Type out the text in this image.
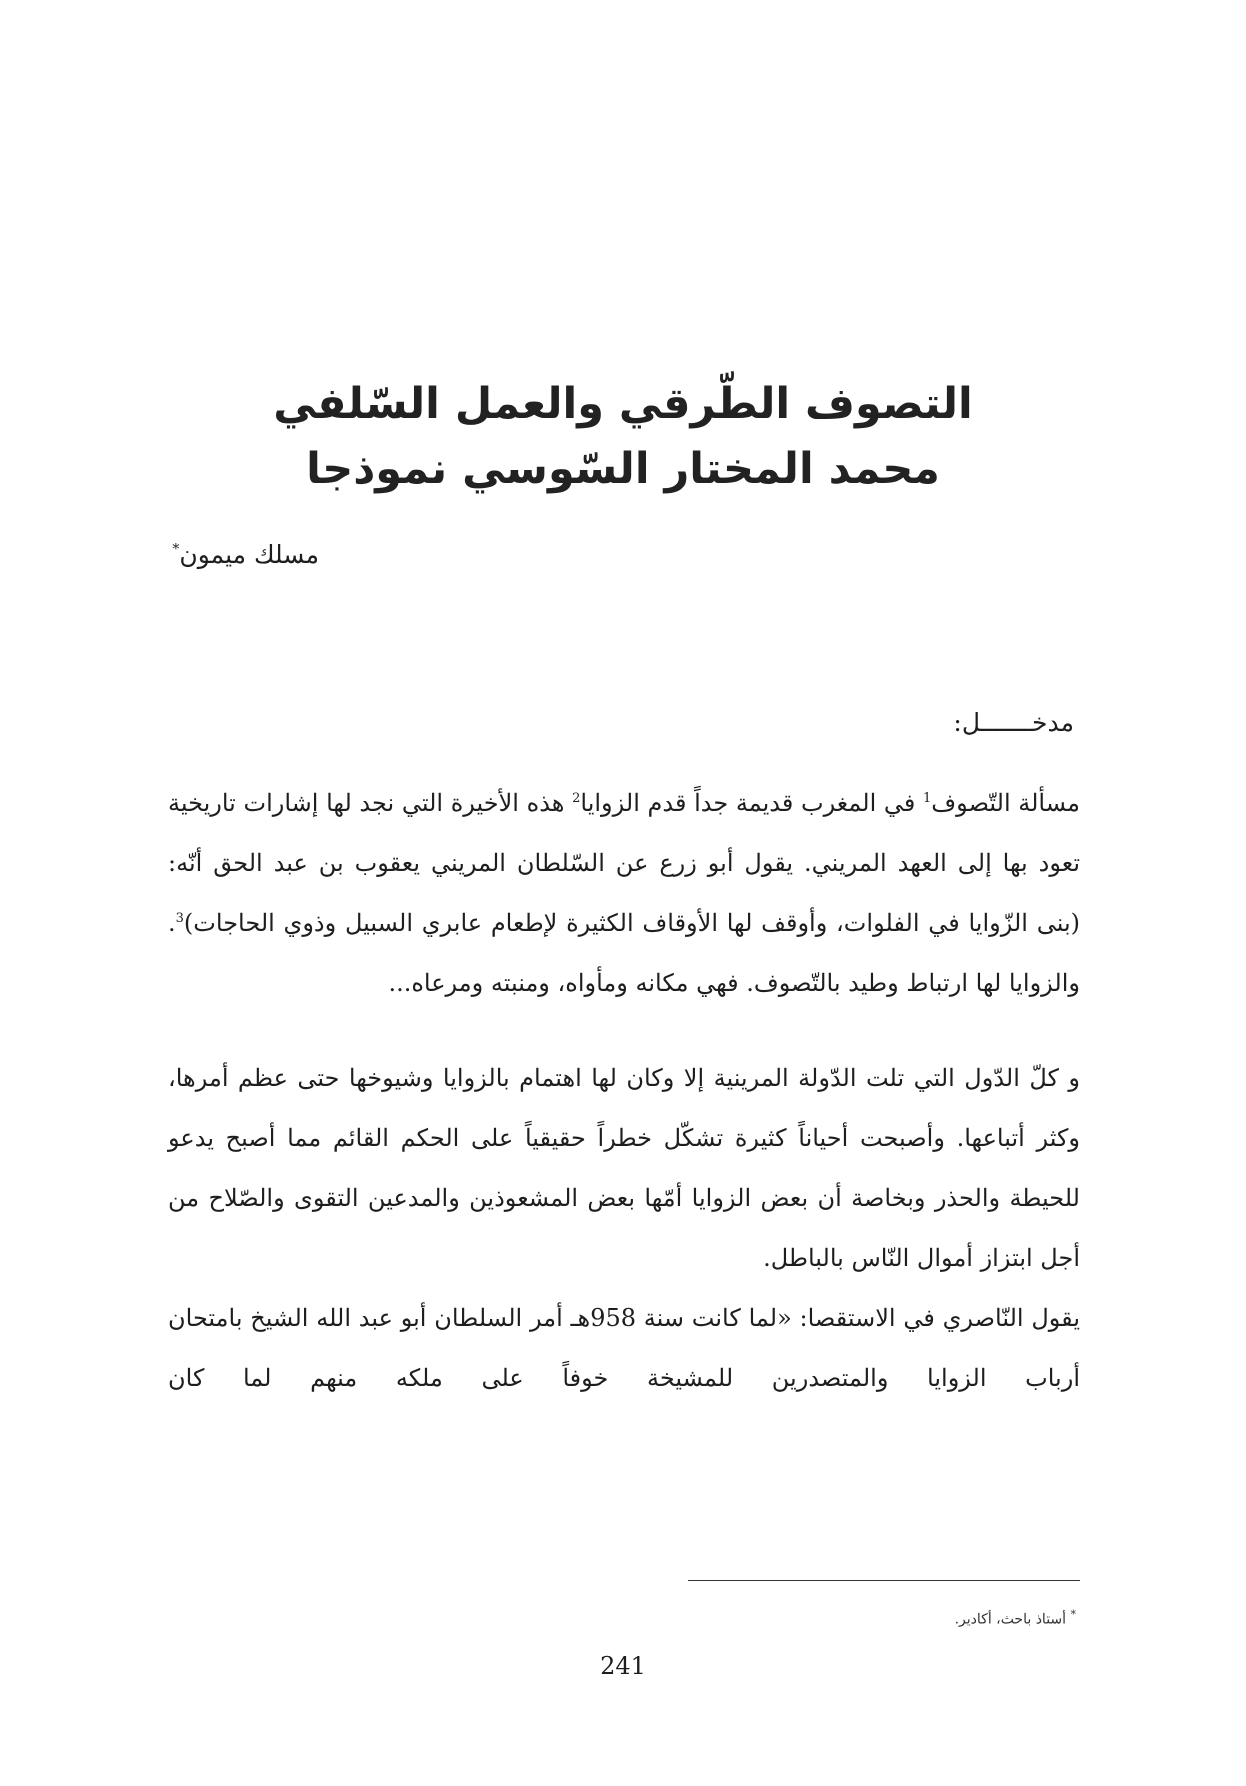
التصوف الطّرقي والعمل السّلفي
محمد المختار السّوسي نموذجا
مسلك ميمون*
مدخـــــــل:

مسألة التّصوف$^1$ في المغرب قديمة جداً قدم الزوايا$^2$ هذه الأخيرة التي نجد لها إشارات تاريخية تعود بها إلى العهد المريني. يقول أبو زرع عن السّلطان المريني يعقوب بن عبد الحق أنّه: (بنى الزّوايا في الفلوات، وأوقف لها الأوقاف الكثيرة لإطعام عابري السبيل وذوي الحاجات)$^3$. والزوايا لها ارتباط وطيد بالتّصوف. فهي مكانه ومأواه، ومنبته ومرعاه...

و كلّ الدّول التي تلت الدّولة المرينية إلا وكان لها اهتمام بالزوايا وشيوخها حتى عظم أمرها، وكثر أتباعها. وأصبحت أحياناً كثيرة تشكّل خطراً حقيقياً على الحكم القائم مما أصبح يدعو للحيطة والحذر وبخاصة أن بعض الزوايا أمّها بعض المشعوذين والمدعين التقوى والصّلاح من أجل ابتزاز أموال النّاس بالباطل.

يقول النّاصري في الاستقصا: «لما كانت سنة 958هـ أمر السلطان أبو عبد الله الشيخ بامتحان أرباب الزوايا والمتصدرين للمشيخة خوفاً على ملكه منهم لما كان

* أستاذ باحث، أكادير.
241
